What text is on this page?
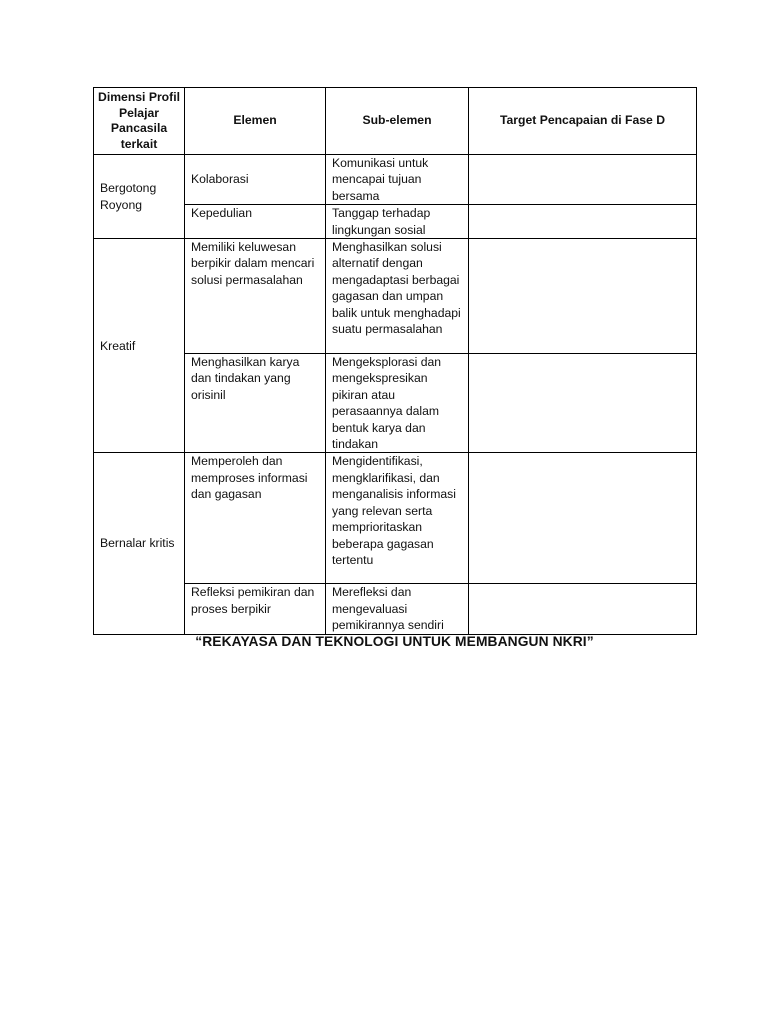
Dimensi Profil Pelajar Pancasila terkait	Elemen	Sub-elemen	Target Pencapaian di Fase D
Bergotong Royong	Kolaborasi	Komunikasi untuk mencapai tujuan bersama	
	Kepedulian	Tanggap terhadap lingkungan sosial	
Kreatif	Memiliki keluwesan berpikir dalam mencari solusi permasalahan	Menghasilkan solusi alternatif dengan mengadaptasi berbagai gagasan dan umpan balik untuk menghadapi suatu permasalahan	
	Menghasilkan karya dan tindakan yang orisinil	Mengeksplorasi dan mengekspresikan pikiran atau perasaannya dalam bentuk karya dan tindakan	
Bernalar kritis	Memperoleh dan memproses informasi dan gagasan	Mengidentifikasi, mengklarifikasi, dan menganalisis informasi yang relevan serta memprioritaskan beberapa gagasan tertentu	
	Refleksi pemikiran dan proses berpikir	Merefleksi dan mengevaluasi pemikirannya sendiri	
“REKAYASA DAN TEKNOLOGI UNTUK MEMBANGUN NKRI”
